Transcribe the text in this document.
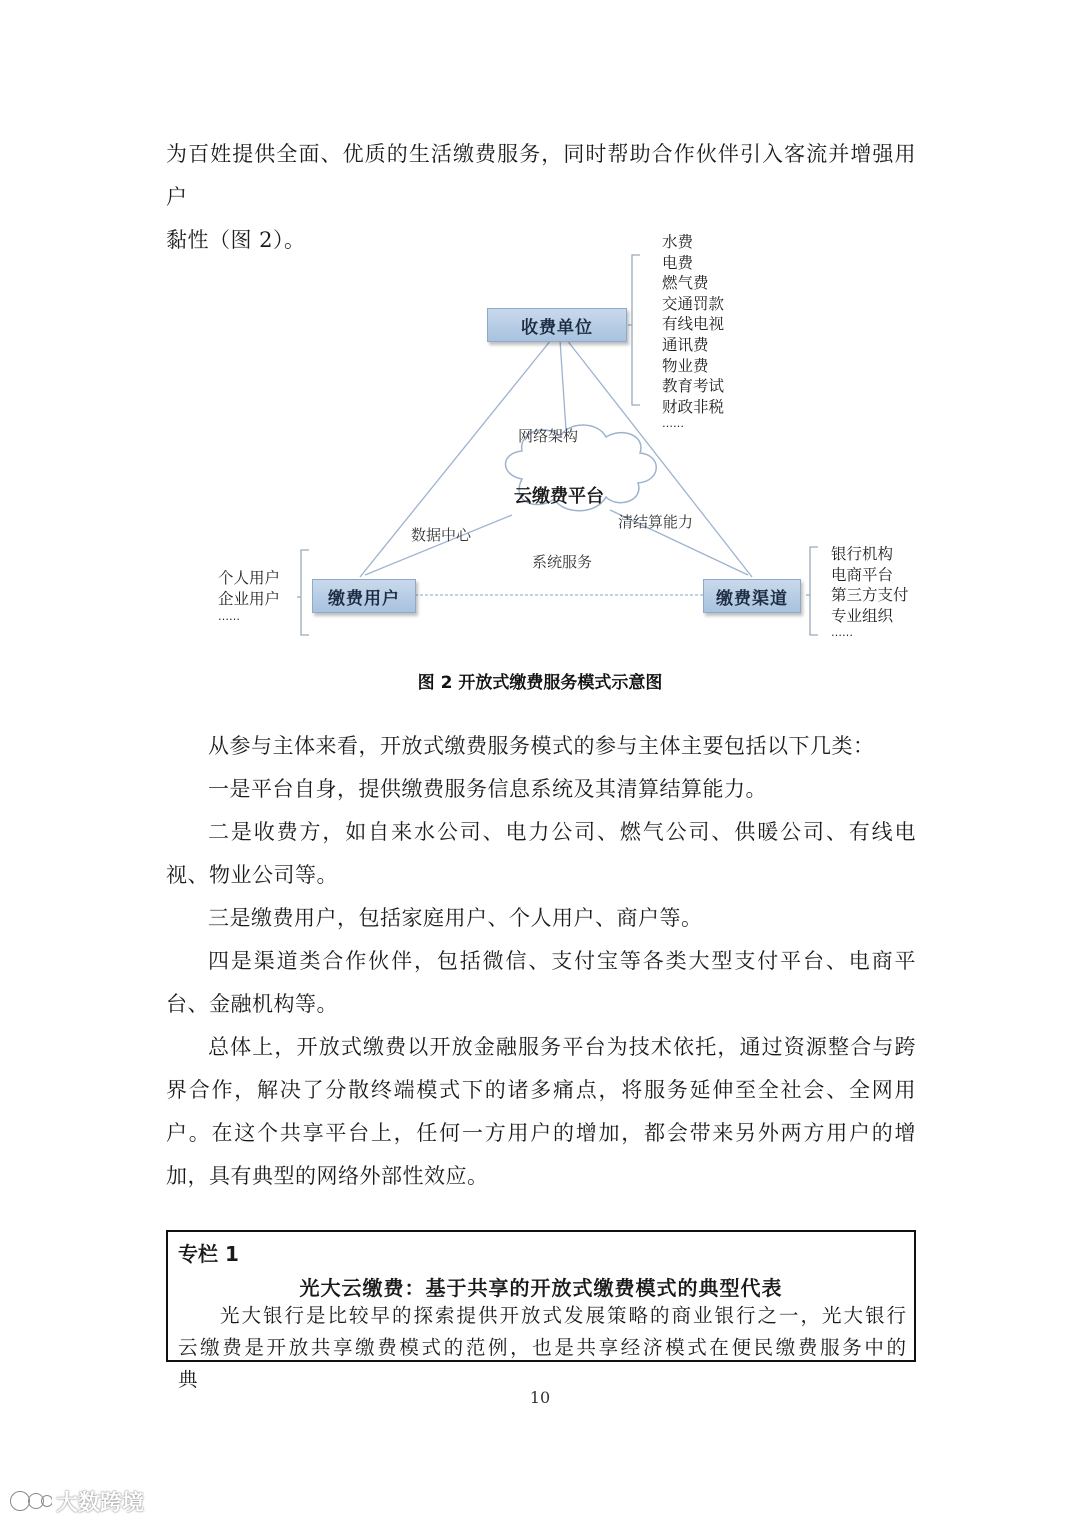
为百姓提供全面、优质的生活缴费服务，同时帮助合作伙伴引入客流并增强用户
黏性（图 2）。

收费单位
缴费用户	缴费渠道
云缴费平台
网络架构
数据中心
清结算能力
系统服务
水费
电费
燃气费
交通罚款
有线电视
通讯费
物业费
教育考试
财政非税
……
个人用户
企业用户
……
银行机构
电商平台
第三方支付
专业组织
……
图 2 开放式缴费服务模式示意图

从参与主体来看，开放式缴费服务模式的参与主体主要包括以下几类：

一是平台自身，提供缴费服务信息系统及其清算结算能力。

二是收费方，如自来水公司、电力公司、燃气公司、供暖公司、有线电视、物业公司等。

三是缴费用户，包括家庭用户、个人用户、商户等。

四是渠道类合作伙伴，包括微信、支付宝等各类大型支付平台、电商平台、金融机构等。

总体上，开放式缴费以开放金融服务平台为技术依托，通过资源整合与跨界合作，解决了分散终端模式下的诸多痛点，将服务延伸至全社会、全网用户。在这个共享平台上，任何一方用户的增加，都会带来另外两方用户的增加，具有典型的网络外部性效应。

专栏 1
光大云缴费：基于共享的开放式缴费模式的典型代表
光大银行是比较早的探索提供开放式发展策略的商业银行之一，光大银行云缴费是开放共享缴费模式的范例，也是共享经济模式在便民缴费服务中的典
10
大数跨境
